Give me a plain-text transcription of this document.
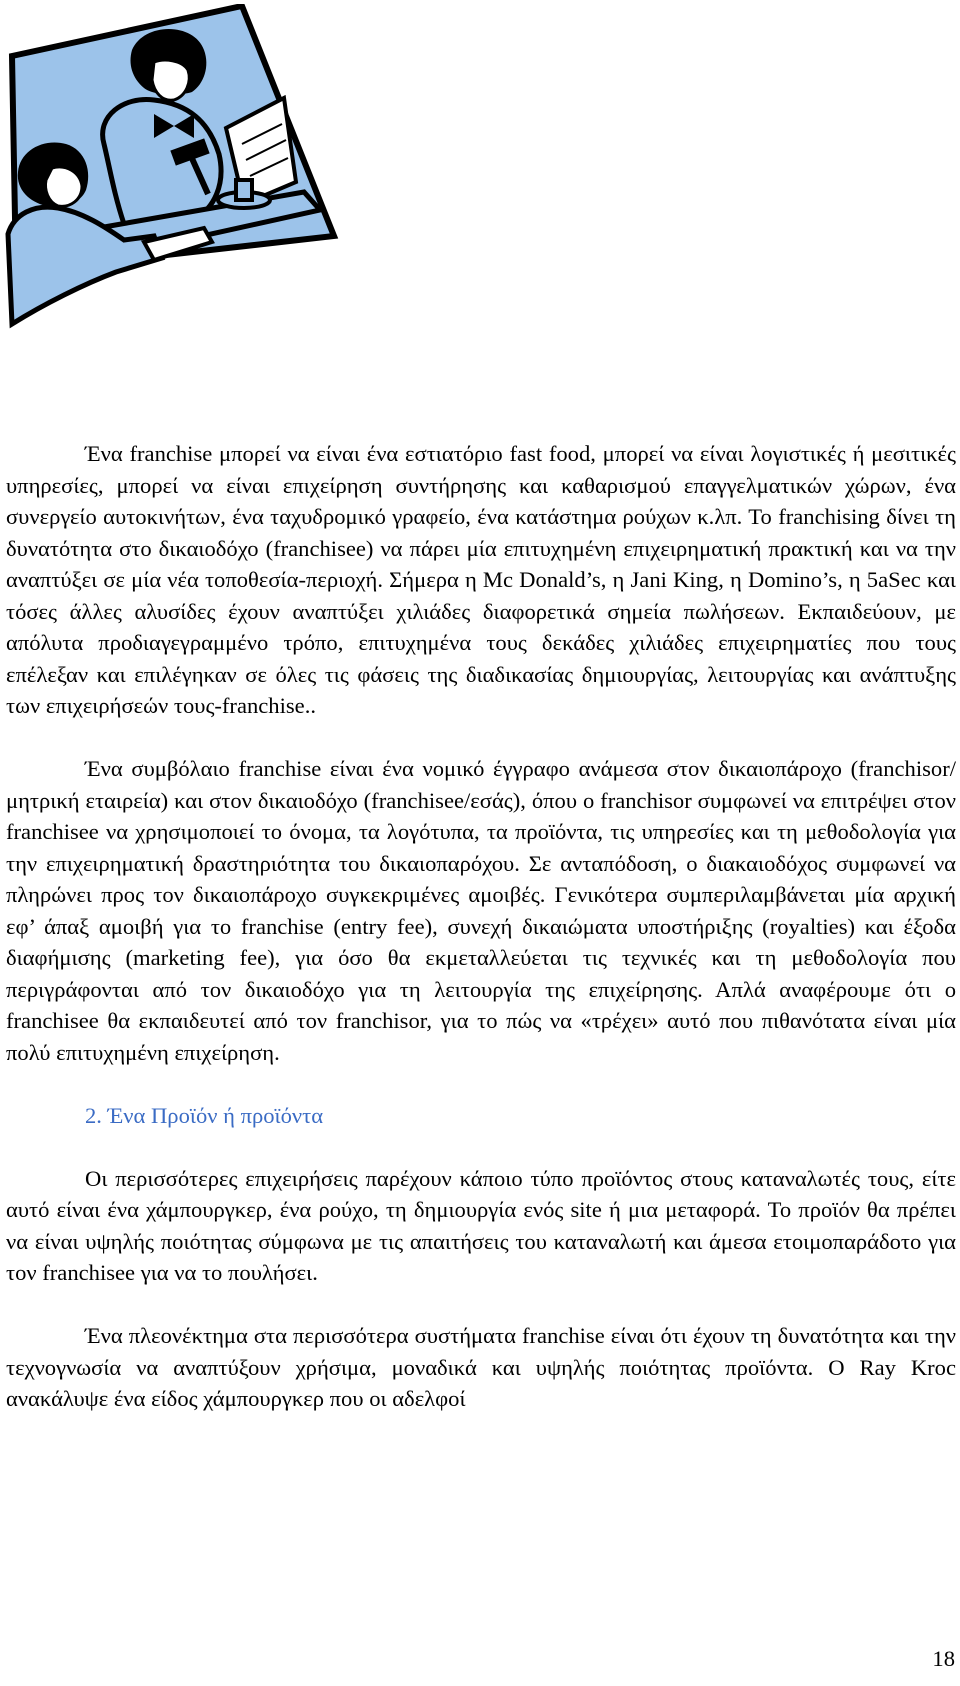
Ένα franchise μπορεί να είναι ένα εστιατόριο fast food, μπορεί να είναι λογιστικές ή μεσιτικές υπηρεσίες, μπορεί να είναι επιχείρηση συντήρησης και καθαρισμού επαγγελματικών χώρων, ένα συνεργείο αυτοκινήτων, ένα ταχυδρομικό γραφείο, ένα κατάστημα ρούχων κ.λπ. Το franchising δίνει τη δυνατότητα στο δικαιοδόχο (franchisee) να πάρει μία επιτυχημένη επιχειρηματική πρακτική και να την αναπτύξει σε μία νέα τοποθεσία-περιοχή. Σήμερα η Mc Donald’s, η Jani King, η Domino’s, η 5aSec και τόσες άλλες αλυσίδες έχουν αναπτύξει χιλιάδες διαφορετικά σημεία πωλήσεων. Εκπαιδεύουν, με απόλυτα προδιαγεγραμμένο τρόπο, επιτυχημένα τους δεκάδες χιλιάδες επιχειρηματίες που τους επέλεξαν και επιλέγηκαν σε όλες τις φάσεις της διαδικασίας δημιουργίας, λειτουργίας και ανάπτυξης των επιχειρήσεών τους-franchise..

Ένα συμβόλαιο franchise είναι ένα νομικό έγγραφο ανάμεσα στον δικαιοπάροχο (franchisor/μητρική εταιρεία) και στον δικαιοδόχο (franchisee/εσάς), όπου ο franchisor συμφωνεί να επιτρέψει στον franchisee να χρησιμοποιεί το όνομα, τα λογότυπα, τα προϊόντα, τις υπηρεσίες και τη μεθοδολογία για την επιχειρηματική δραστηριότητα του δικαιοπαρόχου. Σε ανταπόδοση, ο διακαιοδόχος συμφωνεί να πληρώνει προς τον δικαιοπάροχο συγκεκριμένες αμοιβές. Γενικότερα συμπεριλαμβάνεται μία αρχική εφ’ άπαξ αμοιβή για το franchise (entry fee), συνεχή δικαιώματα υποστήριξης (royalties) και έξοδα διαφήμισης (marketing fee), για όσο θα εκμεταλλεύεται τις τεχνικές και τη μεθοδολογία που περιγράφονται από τον δικαιοδόχο για τη λειτουργία της επιχείρησης. Απλά αναφέρουμε ότι ο franchisee θα εκπαιδευτεί από τον franchisor, για το πώς να «τρέχει» αυτό που πιθανότατα είναι μία πολύ επιτυχημένη επιχείρηση.

2. Ένα Προϊόν ή προϊόντα

Οι περισσότερες επιχειρήσεις παρέχουν κάποιο τύπο προϊόντος στους καταναλωτές τους, είτε αυτό είναι ένα χάμπουργκερ, ένα ρούχο, τη δημιουργία ενός site ή μια μεταφορά. Το προϊόν θα πρέπει να είναι υψηλής ποιότητας σύμφωνα με τις απαιτήσεις του καταναλωτή και άμεσα ετοιμοπαράδοτο για τον franchisee για να το πουλήσει.

Ένα πλεονέκτημα στα περισσότερα συστήματα franchise είναι ότι έχουν τη δυνατότητα και την τεχνογνωσία να αναπτύξουν χρήσιμα, μοναδικά και υψηλής ποιότητας προϊόντα. Ο Ray Kroc ανακάλυψε ένα είδος χάμπουργκερ που οι αδελφοί

18
